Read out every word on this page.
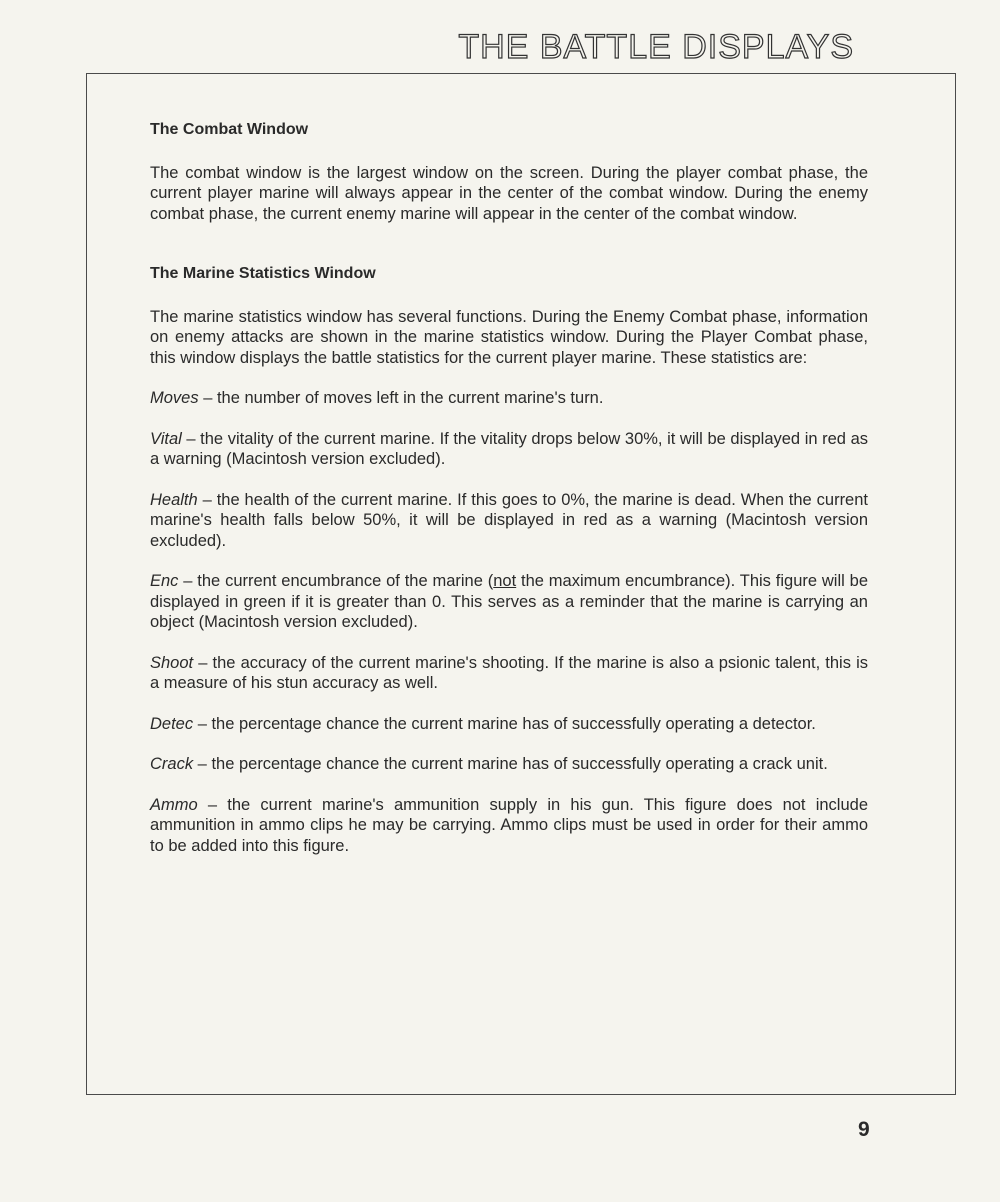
THE BATTLE DISPLAYS
The Combat Window

The combat window is the largest window on the screen. During the player combat phase, the current player marine will always appear in the center of the combat window. During the enemy combat phase, the current enemy marine will appear in the center of the combat window.

The Marine Statistics Window

The marine statistics window has several functions. During the Enemy Combat phase, information on enemy attacks are shown in the marine statistics window. During the Player Combat phase, this window displays the battle statistics for the current player marine. These statistics are:

Moves – the number of moves left in the current marine's turn.

Vital – the vitality of the current marine. If the vitality drops below 30%, it will be displayed in red as a warning (Macintosh version excluded).

Health – the health of the current marine. If this goes to 0%, the marine is dead. When the current marine's health falls below 50%, it will be displayed in red as a warning (Macintosh version excluded).

Enc – the current encumbrance of the marine (not the maximum encumbrance). This figure will be displayed in green if it is greater than 0. This serves as a reminder that the marine is carrying an object (Macintosh version excluded).

Shoot – the accuracy of the current marine's shooting. If the marine is also a psionic talent, this is a measure of his stun accuracy as well.

Detec – the percentage chance the current marine has of successfully operating a detector.

Crack – the percentage chance the current marine has of successfully operating a crack unit.

Ammo – the current marine's ammunition supply in his gun. This figure does not include ammunition in ammo clips he may be carrying. Ammo clips must be used in order for their ammo to be added into this figure.

9
